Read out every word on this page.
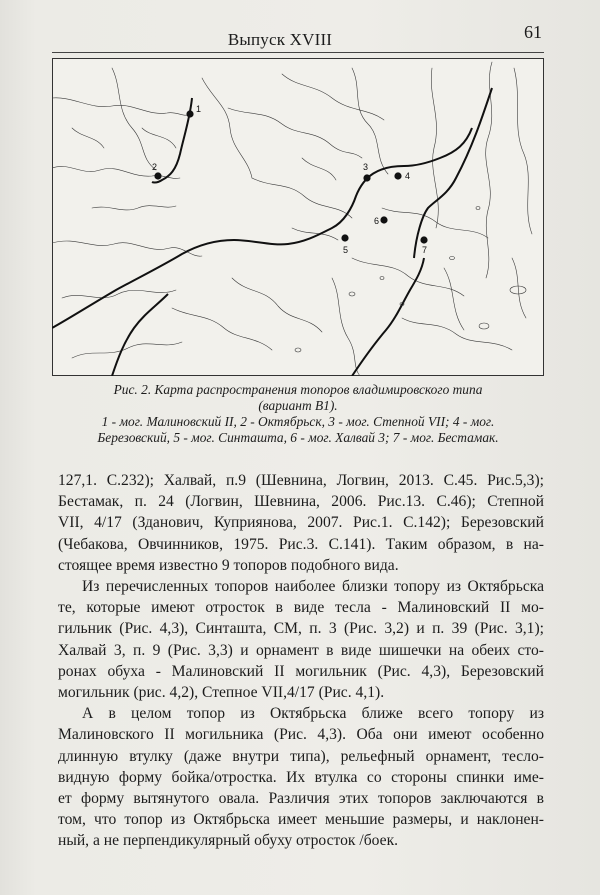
Выпуск XVIII	61
1
2	3
4
5
6
7
Рис. 2. Карта распространения топоров владимировского типа
(вариант В1).
1 - мог. Малиновский II, 2 - Октябрьск, 3 - мог. Степной VII; 4 - мог.
Березовский, 5 - мог. Синташта, 6 - мог. Халвай 3; 7 - мог. Бестамак.
127,1. С.232); Халвай, п.9 (Шевнина, Логвин, 2013. С.45. Рис.5,3);
Бестамак, п. 24 (Логвин, Шевнина, 2006. Рис.13. С.46); Степной
VII, 4/17 (Зданович, Куприянова, 2007. Рис.1. С.142); Березовский
(Чебакова, Овчинников, 1975. Рис.3. С.141). Таким образом, в на-
стоящее время известно 9 топоров подобного вида.
Из перечисленных топоров наиболее близки топору из Октябрьска
те, которые имеют отросток в виде тесла - Малиновский II мо-
гильник (Рис. 4,3), Синташта, СМ, п. 3 (Рис. 3,2) и п. 39 (Рис. 3,1);
Халвай 3, п. 9 (Рис. 3,3) и орнамент в виде шишечки на обеих сто-
ронах обуха - Малиновский II могильник (Рис. 4,3), Березовский
могильник (рис. 4,2), Степное VII,4/17 (Рис. 4,1).
А в целом топор из Октябрьска ближе всего топору из
Малиновского II могильника (Рис. 4,3). Оба они имеют особенно
длинную втулку (даже внутри типа), рельефный орнамент, тесло-
видную форму бойка/отростка. Их втулка со стороны спинки име-
ет форму вытянутого овала. Различия этих топоров заключаются в
том, что топор из Октябрьска имеет меньшие размеры, и наклонен-
ный, а не перпендикулярный обуху отросток /боек.
